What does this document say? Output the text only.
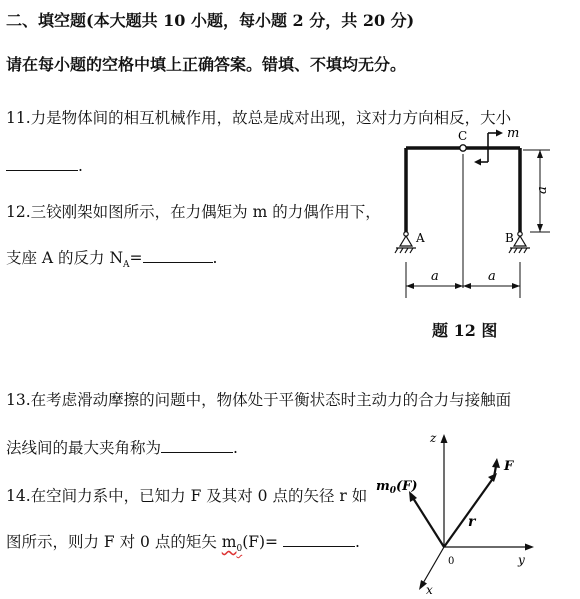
二、填空题(本大题共 10 小题，每小题 2 分，共 20 分)
请在每小题的空格中填上正确答案。错填、不填均无分。
11.力是物体间的相互机械作用，故总是成对出现，这对力方向相反，大小
.
12.三铰刚架如图所示，在力偶矩为 m 的力偶作用下，
支座 A 的反力 $N_A=$	.
13.在考虑滑动摩擦的问题中，物体处于平衡状态时主动力的合力与接触面
法线间的最大夹角称为	.
14.在空间力系中，已知力 F 及其对 0 点的矢径 r 如
图所示，则力 F 对 0 点的矩矢 $m_0(F)=$	.
C	m
A	B
a
a	a
题 12 图
z
y
x
0
F
r
$m_0(F)$
